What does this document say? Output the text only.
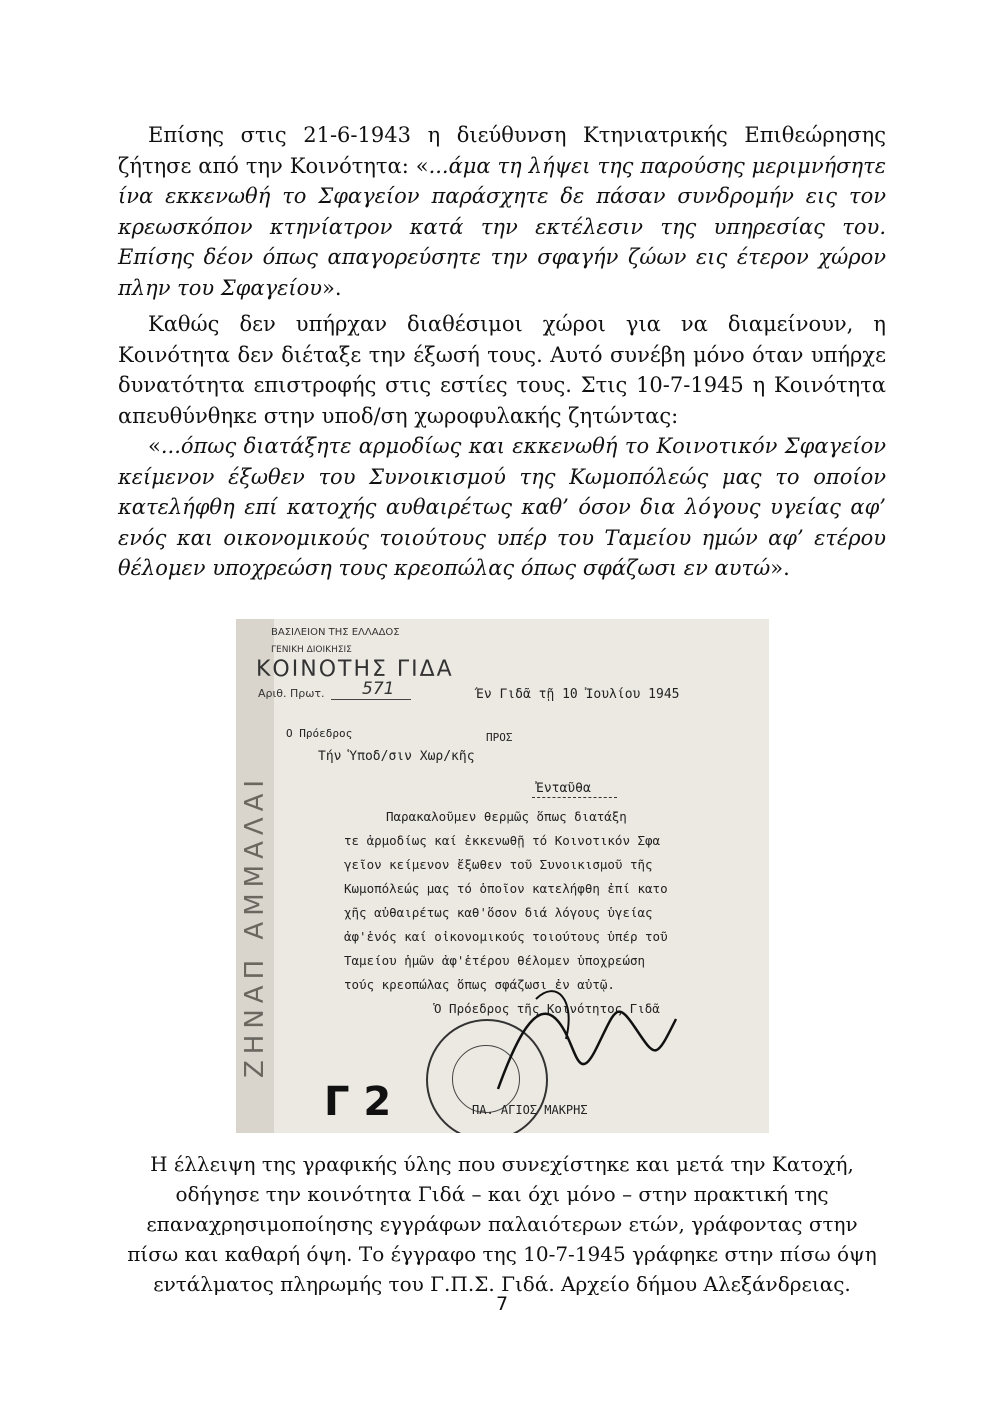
Επίσης στις 21-6-1943 η διεύθυνση Κτηνιατρικής Επιθεώρησης ζήτησε από την Κοινότητα: «...άμα τη λήψει της παρούσης μεριμνήσητε ίνα εκκενωθή το Σφαγείον παράσχητε δε πάσαν συνδρομήν εις τον κρεωσκόπον κτηνίατρον κατά την εκτέλεσιν της υπηρεσίας του. Επίσης δέον όπως απαγορεύσητε την σφαγήν ζώων εις έτερον χώρον πλην του Σφαγείου».

Καθώς δεν υπήρχαν διαθέσιμοι χώροι για να διαμείνουν, η Κοινότητα δεν διέταξε την έξωσή τους. Αυτό συνέβη μόνο όταν υπήρχε δυνατότητα επιστροφής στις εστίες τους. Στις 10-7-1945 η Κοινότητα απευθύνθηκε στην υποδ/ση χωροφυλακής ζητώντας:

«...όπως διατάξητε αρμοδίως και εκκενωθή το Κοινοτικόν Σφαγείον κείμενον έξωθεν του Συνοικισμού της Κωμοπόλεώς μας το οποίον κατελήφθη επί κατοχής αυθαιρέτως καθ’ όσον δια λόγους υγείας αφ’ ενός και οικονομικούς τοιούτους υπέρ του Ταμείου ημών αφ’ ετέρου θέλομεν υποχρεώση τους κρεοπώλας όπως σφάζωσι εν αυτώ».

ΖΗΝΑΠ ΑΜΜΑΛΑΙ
ΒΑΣΙΛΕΙΟΝ ΤΗΣ ΕΛΛΑΔΟΣ
ΓΕΝΙΚΗ ΔΙΟΙΚΗΣΙΣ
ΚΟΙΝΟΤΗΣ ΓΙΔΑ
Αριθ. Πρωτ. 571	Έν Γιδᾶ τῇ 10 Ἰουλίου 1945
Ο Πρόεδρος	ΠΡΟΣ
Τήν Ὑποδ/σιν Χωρ/κῆς
Ἐνταῦθα
Παρακαλοῦμεν θερμῶς ὅπως διατάξη
τε ἁρμοδίως καί ἐκκενωθῇ τό Κοινοτικόν Σφα
γεῖον κείμενον ἔξωθεν τοῦ Συνοικισμοῦ τῆς
Κωμοπόλεώς μας τό ὁποῖον κατελήφθη ἐπί κατο
χῆς αὐθαιρέτως καθ'ὅσον διά λόγους ὑγείας
ἀφ'ἑνός καί οἰκονομικούς τοιούτους ὑπέρ τοῦ
Ταμείου ἡμῶν ἀφ'ἑτέρου θέλομεν ὑποχρεώση
τούς κρεοπώλας ὅπως σφάζωσι ἐν αὐτῷ.
Ὁ Πρόεδρος τῆς Κοινότητος Γιδᾶ
ΠΑ. ΑΓΙΟΣ ΜΑΚΡΗΣ
Γ 2
Η έλλειψη της γραφικής ύλης που συνεχίστηκε και μετά την Κατοχή, οδήγησε την κοινότητα Γιδά – και όχι μόνο – στην πρακτική της επαναχρησιμοποίησης εγγράφων παλαιότερων ετών, γράφοντας στην πίσω και καθαρή όψη. Το έγγραφο της 10-7-1945 γράφηκε στην πίσω όψη εντάλματος πληρωμής του Γ.Π.Σ. Γιδά. Αρχείο δήμου Αλεξάνδρειας.
7
